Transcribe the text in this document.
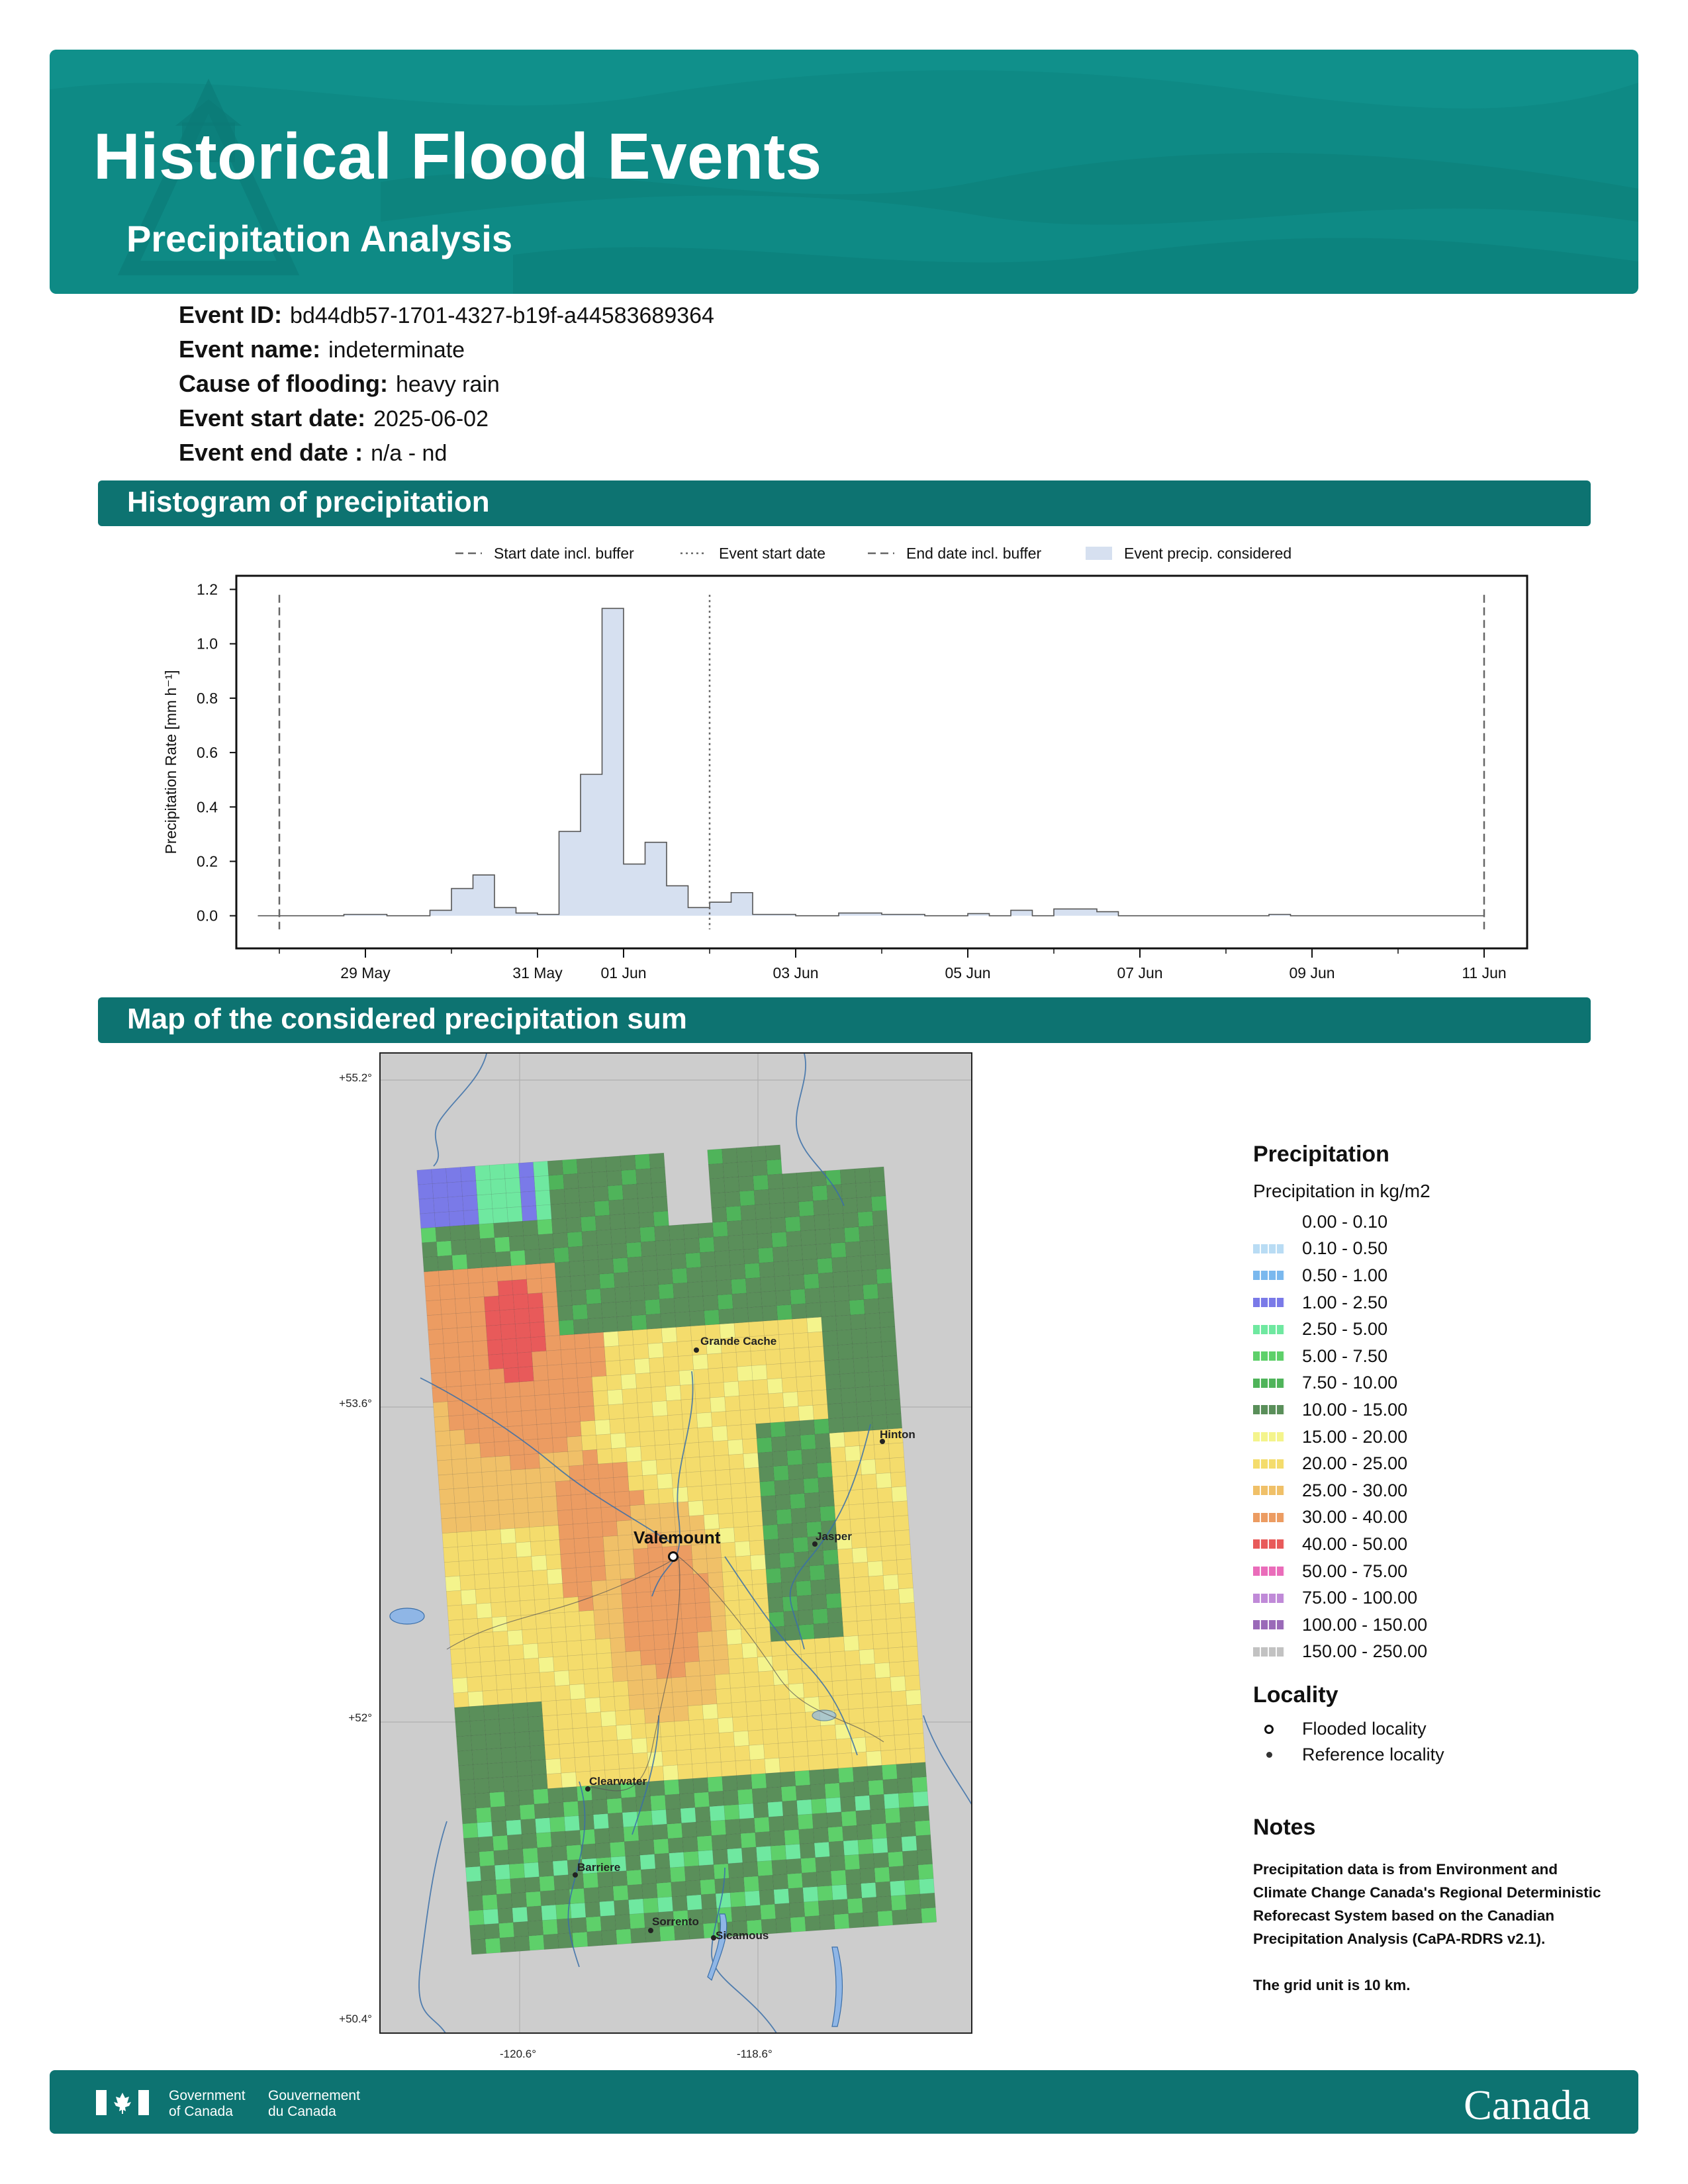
Historical Flood Events
Precipitation Analysis
Event ID: bd44db57-1701-4327-b19f-a44583689364
Event name: indeterminate
Cause of flooding: heavy rain
Event start date: 2025-06-02
Event end date : n/a - nd
Histogram of precipitation
0.0
0.2
0.4
0.6
0.8
1.0
1.2
Precipitation Rate [mm h⁻¹]
29 May	31 May	01 Jun	03 Jun	05 Jun	07 Jun	09 Jun	11 Jun
Start date incl. buffer	Event start date	End date incl. buffer	Event precip. considered
Map of the considered precipitation sum
Grande Cache
Hinton
Jasper
Valemount
Clearwater
Barriere
Sorrento
Sicamous
+55.2°
+53.6°
+52°
+50.4°
-120.6°	-118.6°
Precipitation
Precipitation in kg/m2
0.00 - 0.10
0.10 - 0.50
0.50 - 1.00
1.00 - 2.50
2.50 - 5.00
5.00 - 7.50
7.50 - 10.00
10.00 - 15.00
15.00 - 20.00
20.00 - 25.00
25.00 - 30.00
30.00 - 40.00
40.00 - 50.00
50.00 - 75.00
75.00 - 100.00
100.00 - 150.00
150.00 - 250.00
Locality
Flooded locality
Reference locality
Notes
Precipitation data is from Environment and Climate Change Canada's Regional Deterministic Reforecast System based on the Canadian Precipitation Analysis (CaPA-RDRS v2.1).
The grid unit is 10 km.
Government
of Canada
Gouvernement
du Canada	Canada
